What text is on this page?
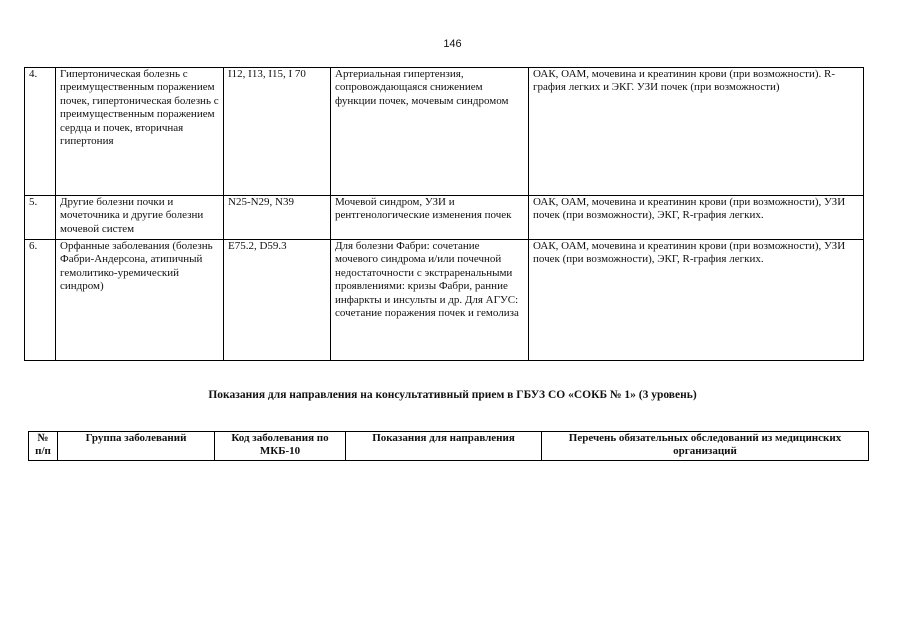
146
4.	Гипертоническая болезнь с преимущественным поражением почек, гипертоническая болезнь с преимущественным поражением сердца и почек, вторичная гипертония	I12, I13, I15, I 70	Артериальная гипертензия, сопровождающаяся снижением функции почек, мочевым синдромом	ОАК, ОАМ, мочевина и креатинин крови (при возможности). R-графия легких и ЭКГ. УЗИ почек (при возможности)
5.	Другие болезни почки и мочеточника и другие болезни мочевой систем	N25-N29, N39	Мочевой синдром, УЗИ и рентгенологические изменения почек	ОАК, ОАМ, мочевина и креатинин крови (при возможности), УЗИ почек (при возможности), ЭКГ, R-графия легких.
6.	Орфанные заболевания (болезнь Фабри-Андерсона, атипичный гемолитико-уремический синдром)	E75.2, D59.3	Для болезни Фабри: сочетание мочевого синдрома и/или почечной недостаточности с экстраренальными проявлениями: кризы Фабри, ранние инфаркты и инсульты и др. Для АГУС: сочетание поражения почек и гемолиза	ОАК, ОАМ, мочевина и креатинин крови (при возможности), УЗИ почек (при возможности), ЭКГ, R-графия легких.
Показания для направления на консультативный прием в ГБУЗ СО «СОКБ № 1» (3 уровень)
№ п/п	Группа заболеваний	Код заболевания по МКБ-10	Показания для направления	Перечень обязательных обследований из медицинских организаций
